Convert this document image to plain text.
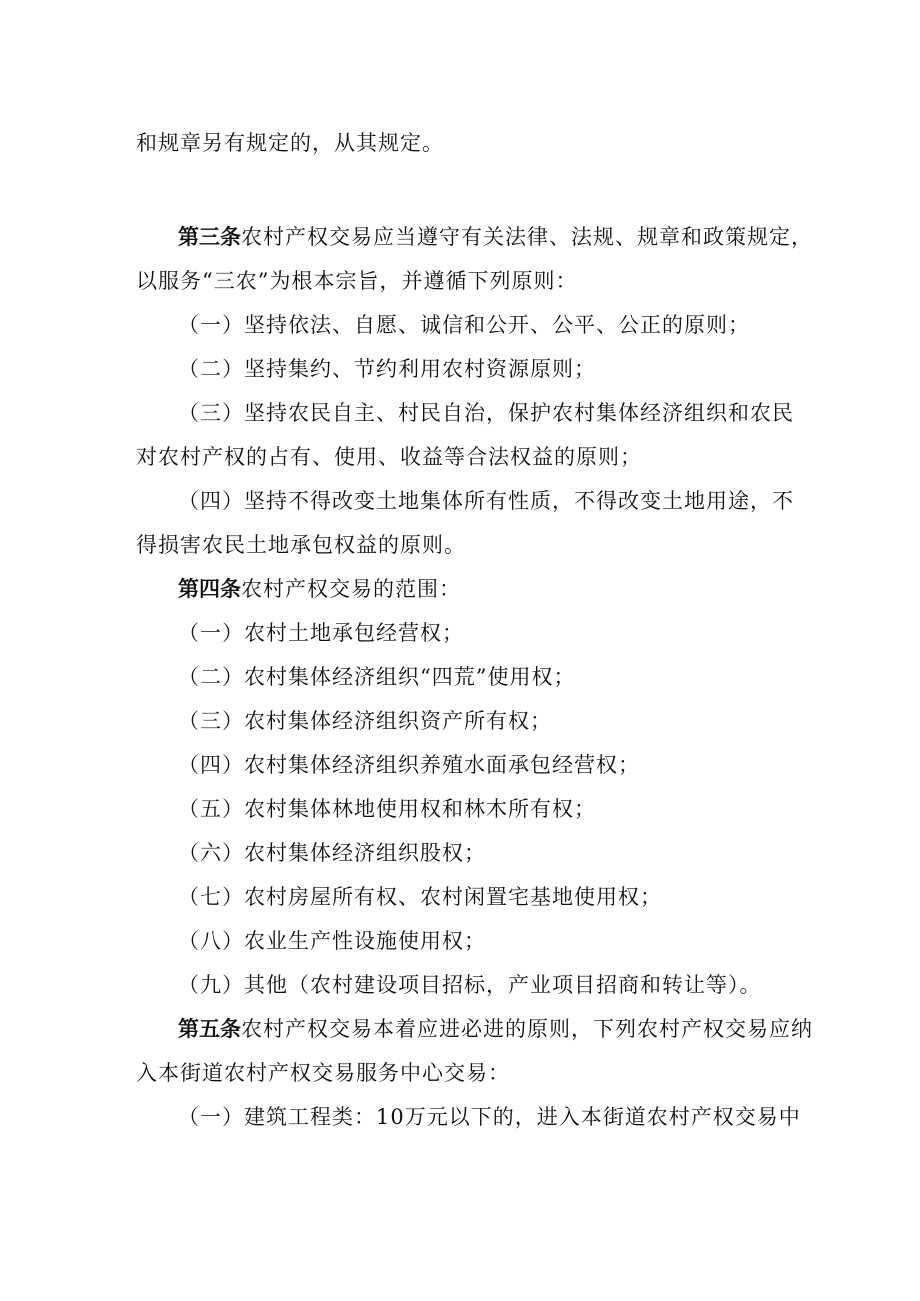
和规章另有规定的，从其规定。
第三条农村产权交易应当遵守有关法律、法规、规章和政策规定，
以服务“三农”为根本宗旨，并遵循下列原则：
（一）坚持依法、自愿、诚信和公开、公平、公正的原则；
（二）坚持集约、节约利用农村资源原则；
（三）坚持农民自主、村民自治，保护农村集体经济组织和农民
对农村产权的占有、使用、收益等合法权益的原则；
（四）坚持不得改变土地集体所有性质，不得改变土地用途，不
得损害农民土地承包权益的原则。
第四条农村产权交易的范围：
（一）农村土地承包经营权；
（二）农村集体经济组织“四荒”使用权；
（三）农村集体经济组织资产所有权；
（四）农村集体经济组织养殖水面承包经营权；
（五）农村集体林地使用权和林木所有权；
（六）农村集体经济组织股权；
（七）农村房屋所有权、农村闲置宅基地使用权；
（八）农业生产性设施使用权；
（九）其他（农村建设项目招标，产业项目招商和转让等）。
第五条农村产权交易本着应进必进的原则，下列农村产权交易应纳
入本街道农村产权交易服务中心交易：
（一）建筑工程类：10万元以下的，进入本街道农村产权交易中
